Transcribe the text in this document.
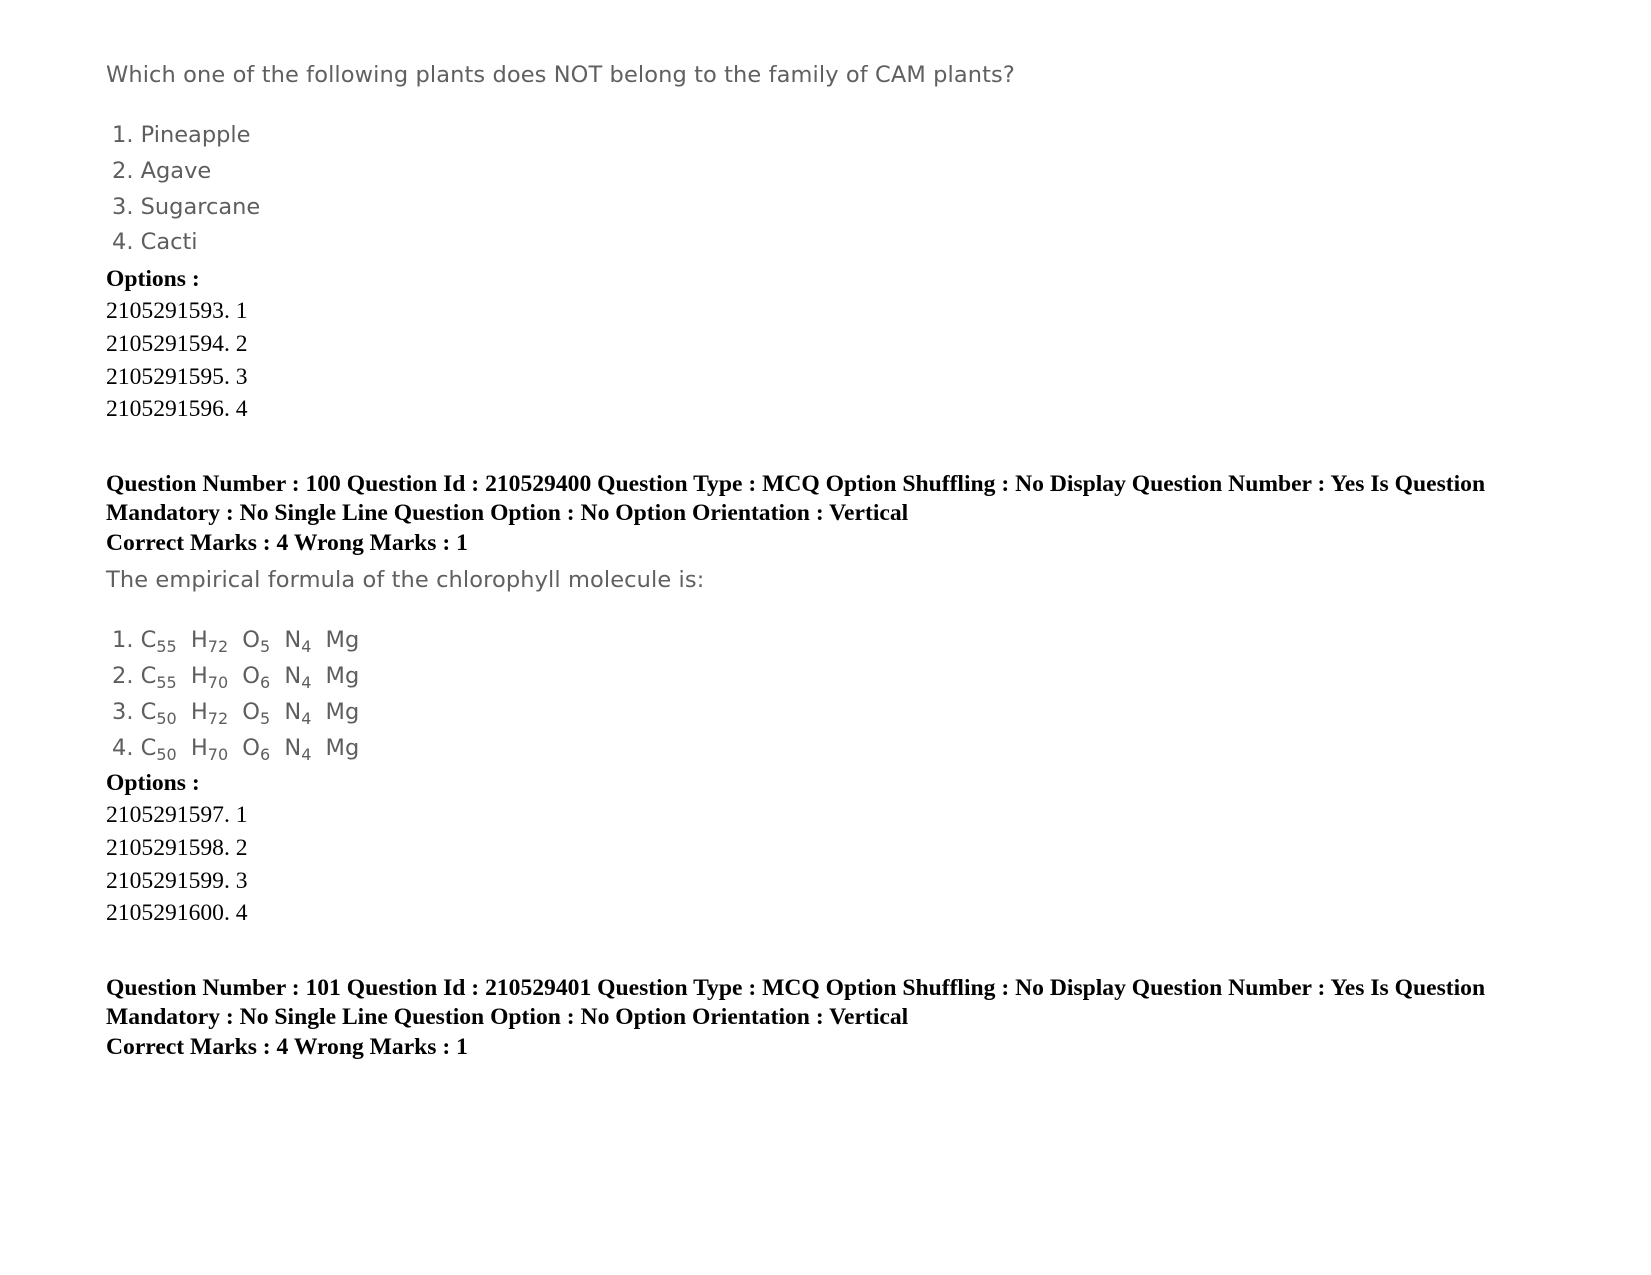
Which one of the following plants does NOT belong to the family of CAM plants?
1. Pineapple
2. Agave
3. Sugarcane
4. Cacti
Options :
2105291593. 1
2105291594. 2
2105291595. 3
2105291596. 4
Question Number : 100 Question Id : 210529400 Question Type : MCQ Option Shuffling : No Display Question Number : Yes Is Question Mandatory : No Single Line Question Option : No Option Orientation : Vertical
Correct Marks : 4 Wrong Marks : 1
The empirical formula of the chlorophyll molecule is:
1. $C_{55}$ $H_{72}$ $O_5$ $N_4$ Mg
2. $C_{55}$ $H_{70}$ $O_6$ $N_4$ Mg
3. $C_{50}$ $H_{72}$ $O_5$ $N_4$ Mg
4. $C_{50}$ $H_{70}$ $O_6$ $N_4$ Mg
Options :
2105291597. 1
2105291598. 2
2105291599. 3
2105291600. 4
Question Number : 101 Question Id : 210529401 Question Type : MCQ Option Shuffling : No Display Question Number : Yes Is Question Mandatory : No Single Line Question Option : No Option Orientation : Vertical
Correct Marks : 4 Wrong Marks : 1
